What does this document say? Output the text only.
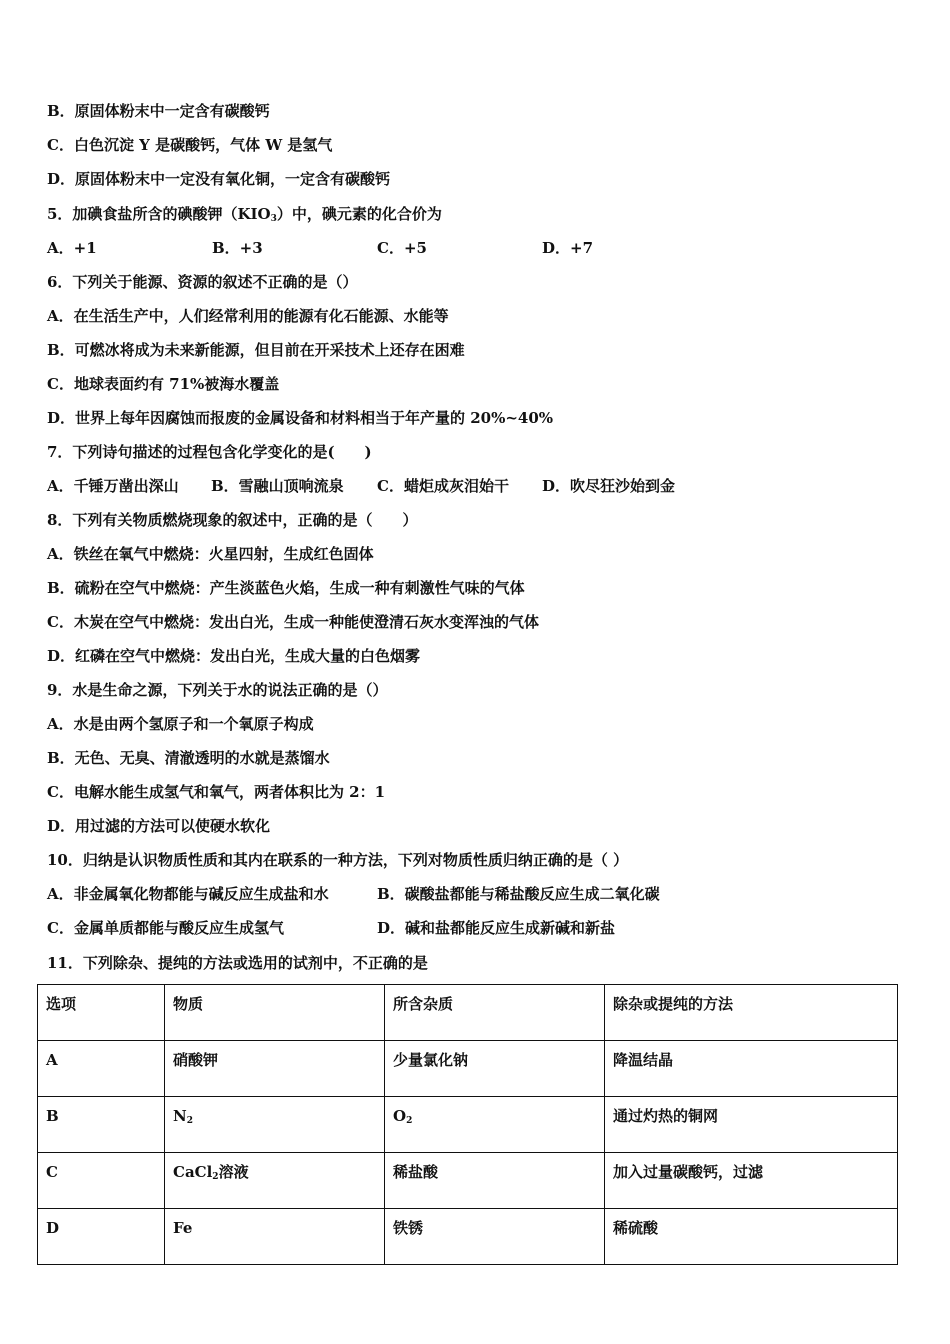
B．原固体粉末中一定含有碳酸钙
C．白色沉淀 Y 是碳酸钙，气体 W 是氢气
D．原固体粉末中一定没有氧化铜，一定含有碳酸钙
5．加碘食盐所含的碘酸钾$(KIO_3)$中，碘元素的化合价为
A．+1	B．+3	C．+5	D．+7
6．下列关于能源、资源的叙述不正确的是（）
A．在生活生产中，人们经常利用的能源有化石能源、水能等
B．可燃冰将成为未来新能源，但目前在开采技术上还存在困难
C．地球表面约有 71%被海水覆盖
D．世界上每年因腐蚀而报废的金属设备和材料相当于年产量的 20%~40%
7．下列诗句描述的过程包含化学变化的是(　　)
A．千锤万凿出深山 B．雪融山顶响流泉 C．蜡炬成灰泪始干 D．吹尽狂沙始到金
8．下列有关物质燃烧现象的叙述中，正确的是（　　）
A．铁丝在氧气中燃烧：火星四射，生成红色固体
B．硫粉在空气中燃烧：产生淡蓝色火焰，生成一种有刺激性气味的气体
C．木炭在空气中燃烧：发出白光，生成一种能使澄清石灰水变浑浊的气体
D．红磷在空气中燃烧：发出白光，生成大量的白色烟雾
9．水是生命之源，下列关于水的说法正确的是（）
A．水是由两个氢原子和一个氧原子构成
B．无色、无臭、清澈透明的水就是蒸馏水
C．电解水能生成氢气和氧气，两者体积比为 2：1
D．用过滤的方法可以使硬水软化
10．归纳是认识物质性质和其内在联系的一种方法，下列对物质性质归纳正确的是（ ）
A．非金属氧化物都能与碱反应生成盐和水	B．碳酸盐都能与稀盐酸反应生成二氧化碳
C．金属单质都能与酸反应生成氢气	D．碱和盐都能反应生成新碱和新盐
11．下列除杂、提纯的方法或选用的试剂中，不正确的是
选项	物质	所含杂质	除杂或提纯的方法
A	硝酸钾	少量氯化钠	降温结晶
B	$N_2$	$O_2$	通过灼热的铜网
C	CaCl$_2$溶液	稀盐酸	加入过量碳酸钙，过滤
D	Fe	铁锈	稀硫酸
